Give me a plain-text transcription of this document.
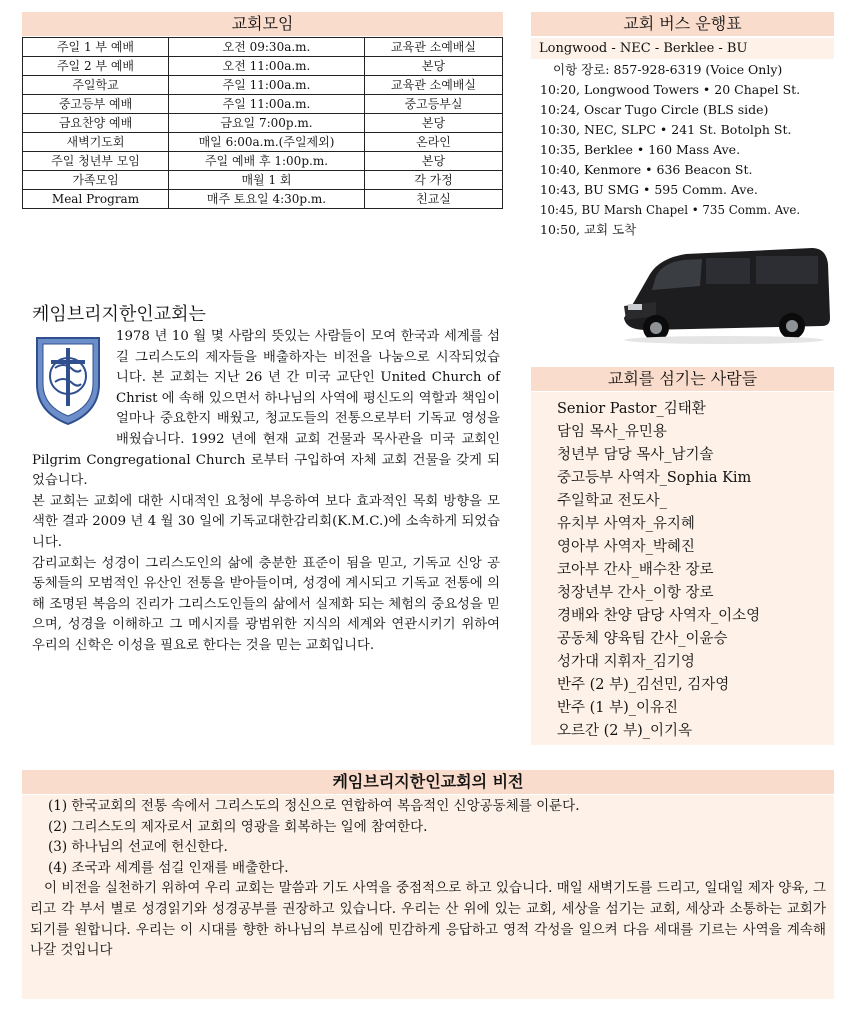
교회모임
주일 1 부 예배	오전 09:30a.m.	교육관 소예배실
주일 2 부 예배	오전 11:00a.m.	본당
주일학교	주일 11:00a.m.	교육관 소예배실
중고등부 예배	주일 11:00a.m.	중고등부실
금요찬양 예배	금요일 7:00p.m.	본당
새벽기도회	매일 6:00a.m.(주일제외)	온라인
주일 청년부 모임	주일 예배 후 1:00p.m.	본당
가족모임	매월 1 회	각 가정
Meal Program	매주 토요일 4:30p.m.	친교실
교회 버스 운행표
Longwood - NEC - Berklee - BU
이항 장로: 857-928-6319 (Voice Only)
10:20, Longwood Towers • 20 Chapel St.
10:24, Oscar Tugo Circle (BLS side)
10:30, NEC, SLPC • 241 St. Botolph St.
10:35, Berklee • 160 Mass Ave.
10:40, Kenmore • 636 Beacon St.
10:43, BU SMG • 595 Comm. Ave.
10:45, BU Marsh Chapel • 735 Comm. Ave.
10:50, 교회 도착
케임브리지한인교회는

1978 년 10 월 몇 사람의 뜻있는 사람들이 모여 한국과 세계를 섬길 그리스도의 제자들을 배출하자는 비전을 나눔으로 시작되었습니다. 본 교회는 지난 26 년 간 미국 교단인 United Church of Christ 에 속해 있으면서 하나님의 사역에 평신도의 역할과 책임이 얼마나 중요한지 배웠고, 청교도들의 전통으로부터 기독교 영성을 배웠습니다. 1992 년에 현재 교회 건물과 목사관을 미국 교회인 Pilgrim Congregational Church 로부터 구입하여 자체 교회 건물을 갖게 되었습니다.

본 교회는 교회에 대한 시대적인 요청에 부응하여 보다 효과적인 목회 방향을 모색한 결과 2009 년 4 월 30 일에 기독교대한감리회(K.M.C.)에 소속하게 되었습니다.

감리교회는 성경이 그리스도인의 삶에 충분한 표준이 됨을 믿고, 기독교 신앙 공동체들의 모범적인 유산인 전통을 받아들이며, 성경에 계시되고 기독교 전통에 의해 조명된 복음의 진리가 그리스도인들의 삶에서 실제화 되는 체험의 중요성을 믿으며, 성경을 이해하고 그 메시지를 광범위한 지식의 세계와 연관시키기 위하여 우리의 신학은 이성을 필요로 한다는 것을 믿는 교회입니다.

교회를 섬기는 사람들
Senior Pastor_김태환
담임 목사_유민용
청년부 담당 목사_남기솔
중고등부 사역자_Sophia Kim
주일학교 전도사_
유치부 사역자_유지혜
영아부 사역자_박혜진
코아부 간사_배수찬 장로
청장년부 간사_이항 장로
경배와 찬양 담당 사역자_이소영
공동체 양육팀 간사_이윤승
성가대 지휘자_김기영
반주 (2 부)_김선민, 김자영
반주 (1 부)_이유진
오르간 (2 부)_이기옥
케임브리지한인교회의 비전
(1) 한국교회의 전통 속에서 그리스도의 정신으로 연합하여 복음적인 신앙공동체를 이룬다.
(2) 그리스도의 제자로서 교회의 영광을 회복하는 일에 참여한다.
(3) 하나님의 선교에 헌신한다.
(4) 조국과 세계를 섬길 인재를 배출한다.

이 비전을 실천하기 위하여 우리 교회는 말씀과 기도 사역을 중점적으로 하고 있습니다. 매일 새벽기도를 드리고, 일대일 제자 양육, 그리고 각 부서 별로 성경읽기와 성경공부를 권장하고 있습니다. 우리는 산 위에 있는 교회, 세상을 섬기는 교회, 세상과 소통하는 교회가 되기를 원합니다. 우리는 이 시대를 향한 하나님의 부르심에 민감하게 응답하고 영적 각성을 일으켜 다음 세대를 기르는 사역을 계속해 나갈 것입니다
